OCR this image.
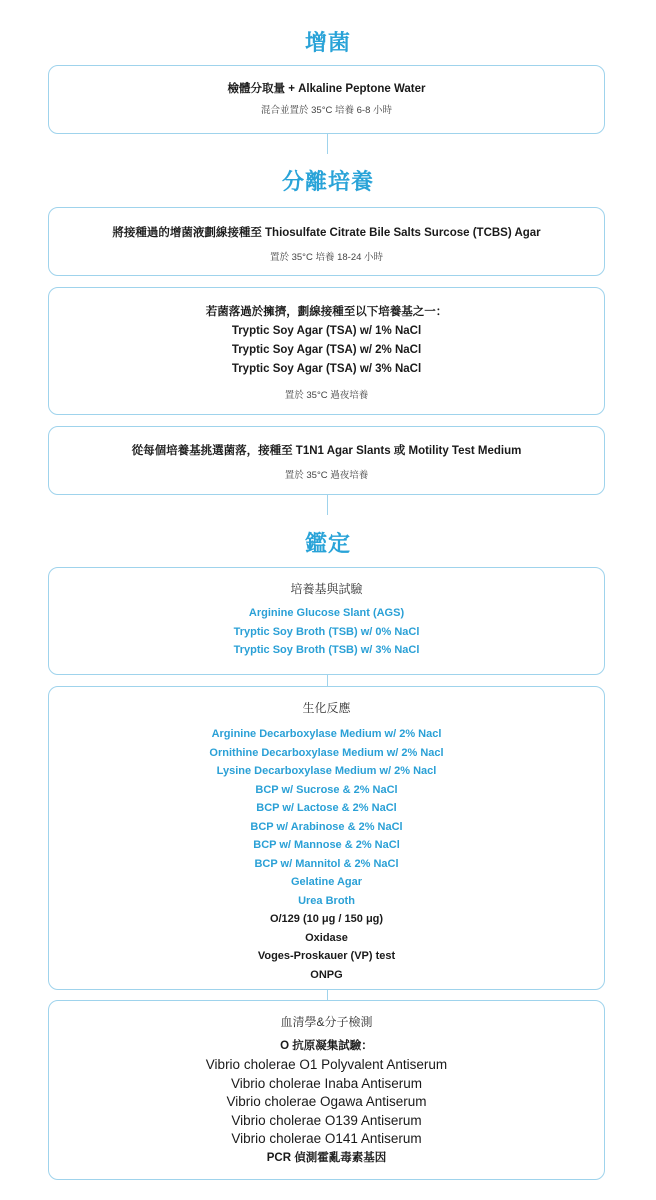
增菌
檢體分取量 + Alkaline Peptone Water
混合並置於 35°C 培養 6-8 小時
分離培養
將接種過的增菌液劃線接種至 Thiosulfate Citrate Bile Salts Surcose (TCBS) Agar
置於 35°C 培養 18-24 小時
若菌落過於擁擠，劃線接種至以下培養基之一：
Tryptic Soy Agar (TSA) w/ 1% NaCl
Tryptic Soy Agar (TSA) w/ 2% NaCl
Tryptic Soy Agar (TSA) w/ 3% NaCl
置於 35°C 過夜培養
從每個培養基挑選菌落，接種至 T1N1 Agar Slants 或 Motility Test Medium
置於 35°C 過夜培養
鑑定
培養基與試驗
Arginine Glucose Slant (AGS)
Tryptic Soy Broth (TSB) w/ 0% NaCl
Tryptic Soy Broth (TSB) w/ 3% NaCl
生化反應
Arginine Decarboxylase Medium w/ 2% Nacl
Ornithine Decarboxylase Medium w/ 2% Nacl
Lysine Decarboxylase Medium w/ 2% Nacl
BCP w/ Sucrose & 2% NaCl
BCP w/ Lactose & 2% NaCl
BCP w/ Arabinose & 2% NaCl
BCP w/ Mannose & 2% NaCl
BCP w/ Mannitol & 2% NaCl
Gelatine Agar
Urea Broth
O/129 (10 μg / 150 μg)
Oxidase
Voges-Proskauer (VP) test
ONPG
血清學&分子檢測
O 抗原凝集試驗：
Vibrio cholerae O1 Polyvalent Antiserum
Vibrio cholerae Inaba Antiserum
Vibrio cholerae Ogawa Antiserum
Vibrio cholerae O139 Antiserum
Vibrio cholerae O141 Antiserum
PCR 偵測霍亂毒素基因
